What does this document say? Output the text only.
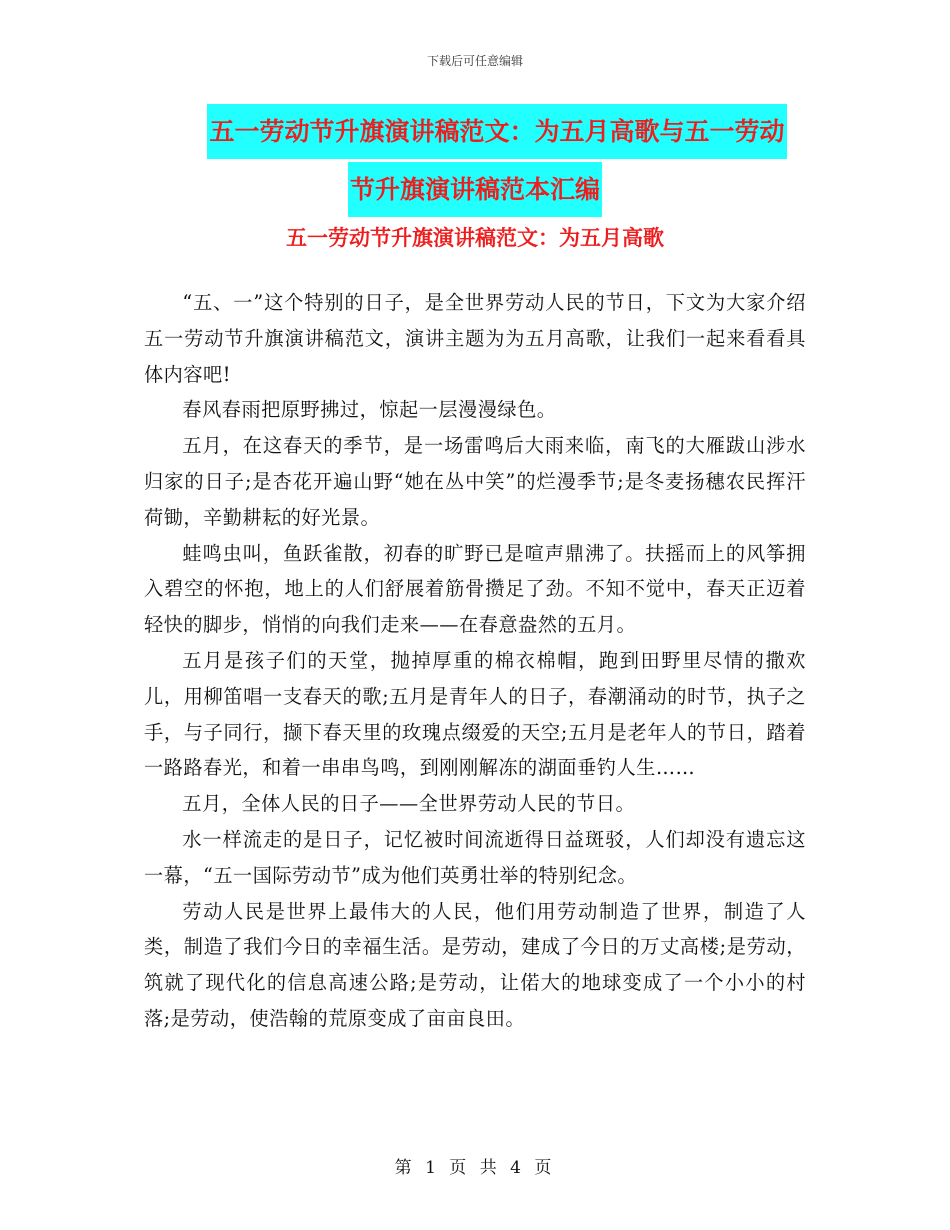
下载后可任意编辑
五一劳动节升旗演讲稿范文：为五月高歌与五一劳动
节升旗演讲稿范本汇编
五一劳动节升旗演讲稿范文：为五月高歌

“五、一”这个特别的日子，是全世界劳动人民的节日，下文为大家介绍五一劳动节升旗演讲稿范文，演讲主题为为五月高歌，让我们一起来看看具体内容吧!

春风春雨把原野拂过，惊起一层漫漫绿色。

五月，在这春天的季节，是一场雷鸣后大雨来临，南飞的大雁跋山涉水归家的日子;是杏花开遍山野“她在丛中笑”的烂漫季节;是冬麦扬穗农民挥汗荷锄，辛勤耕耘的好光景。

蛙鸣虫叫，鱼跃雀散，初春的旷野已是喧声鼎沸了。扶摇而上的风筝拥入碧空的怀抱，地上的人们舒展着筋骨攒足了劲。不知不觉中，春天正迈着轻快的脚步，悄悄的向我们走来——在春意盎然的五月。

五月是孩子们的天堂，抛掉厚重的棉衣棉帽，跑到田野里尽情的撒欢儿，用柳笛唱一支春天的歌;五月是青年人的日子，春潮涌动的时节，执子之手，与子同行，撷下春天里的玫瑰点缀爱的天空;五月是老年人的节日，踏着一路路春光，和着一串串鸟鸣，到刚刚解冻的湖面垂钓人生……

五月，全体人民的日子——全世界劳动人民的节日。

水一样流走的是日子，记忆被时间流逝得日益斑驳，人们却没有遗忘这一幕，“五一国际劳动节”成为他们英勇壮举的特别纪念。

劳动人民是世界上最伟大的人民，他们用劳动制造了世界，制造了人类，制造了我们今日的幸福生活。是劳动，建成了今日的万丈高楼;是劳动，筑就了现代化的信息高速公路;是劳动，让偌大的地球变成了一个小小的村落;是劳动，使浩翰的荒原变成了亩亩良田。

第 1 页 共 4 页
